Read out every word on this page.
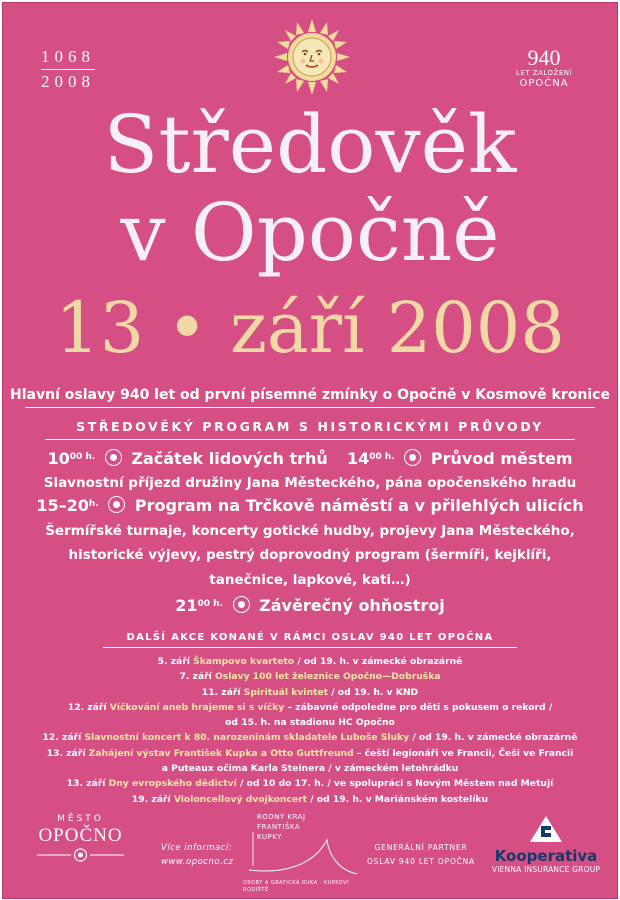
1068
2008
940
LET ZALOŽENÍ
OPOČNA
Středověk
v Opočně
13 • září 2008
Hlavní oslavy 940 let od první písemné zmínky o Opočně v Kosmově kronice
STŘEDOVĚKÝ PROGRAM S HISTORICKÝMI PRŮVODY
$10^{00 h.}$ Začátek lidových trhů $14^{00 h.}$ Průvod městem
Slavnostní příjezd družiny Jana Městeckého, pána opočenského hradu
$15-20^{h.}$ Program na Trčkově náměstí a v přilehlých ulicích
Šermířské turnaje, koncerty gotické hudby, projevy Jana Městeckého,
historické výjevy, pestrý doprovodný program (šermíři, kejklíři,
tanečnice, lapkové, kati…)
$21^{00 h.}$ Závěrečný ohňostroj
DALŠÍ AKCE KONANÉ V RÁMCI OSLAV 940 LET OPOČNA
5. září Škampovo kvarteto / od 19. h. v zámecké obrazárně
7. září Oslavy 100 let železnice Opočno—Dobruška
11. září Spirituál kvintet / od 19. h. v KND
12. září Víčkování aneb hrajeme si s víčky – zábavné odpoledne pro děti s pokusem o rekord /
od 15. h. na stadionu HC Opočno
12. září Slavnostní koncert k 80. narozeninám skladatele Luboše Sluky / od 19. h. v zámecké obrazárně
13. září Zahájení výstav František Kupka a Otto Guttfreund – čeští legionáři ve Francii, Češi ve Francii
a Puteaux očima Karla Steinera / v zámeckém letohrádku
13. září Dny evropského dědictví / od 10 do 17. h. / ve spolupráci s Novým Městem nad Metují
19. září Violoncellový dvojkoncert / od 19. h. v Mariánském kostelíku
MĚSTO
OPOČNO
Více informací:
www.opocno.cz
RODNÝ KRAJ FRANTIŠKA KUPKY
OSOBY A GRAFICKÁ RUKA · KUPKOVI RODIŠTĚ
GENERÁLNÍ PARTNER
OSLAV 940 LET OPOČNA	Kooperativa
VIENNA INSURANCE GROUP
